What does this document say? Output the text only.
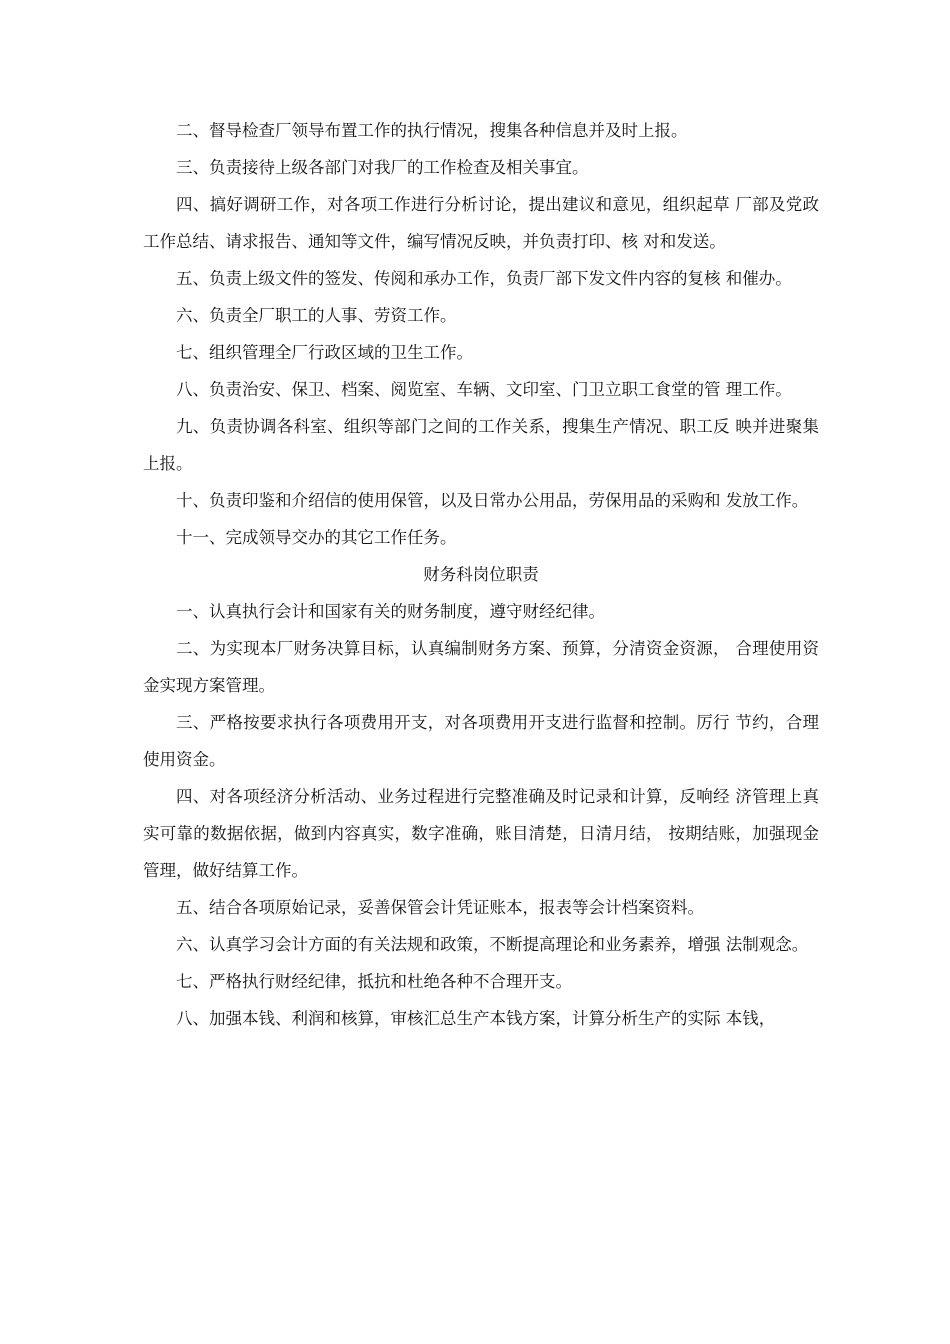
二、督导检查厂领导布置工作的执行情况，搜集各种信息并及时上报。

三、负责接待上级各部门对我厂的工作检查及相关事宜。

四、搞好调研工作，对各项工作进行分析讨论，提出建议和意见，组织起草 厂部及党政工作总结、请求报告、通知等文件，编写情况反映，并负责打印、核 对和发送。

五、负责上级文件的签发、传阅和承办工作，负责厂部下发文件内容的复核 和催办。

六、负责全厂职工的人事、劳资工作。

七、组织管理全厂行政区域的卫生工作。

八、负责治安、保卫、档案、阅览室、车辆、文印室、门卫立职工食堂的管 理工作。

九、负责协调各科室、组织等部门之间的工作关系，搜集生产情况、职工反 映并进聚集上报。

十、负责印鉴和介绍信的使用保管，以及日常办公用品，劳保用品的采购和 发放工作。

十一、完成领导交办的其它工作任务。

财务科岗位职责

一、认真执行会计和国家有关的财务制度，遵守财经纪律。

二、为实现本厂财务决算目标，认真编制财务方案、预算，分清资金资源， 合理使用资金实现方案管理。

三、严格按要求执行各项费用开支，对各项费用开支进行监督和控制。厉行 节约，合理使用资金。

四、对各项经济分析活动、业务过程进行完整准确及时记录和计算，反响经 济管理上真实可靠的数据依据，做到内容真实，数字准确，账目清楚，日清月结， 按期结账，加强现金管理，做好结算工作。

五、结合各项原始记录，妥善保管会计凭证账本，报表等会计档案资料。

六、认真学习会计方面的有关法规和政策，不断提高理论和业务素养，增强 法制观念。

七、严格执行财经纪律，抵抗和杜绝各种不合理开支。

八、加强本钱、利润和核算，审核汇总生产本钱方案，计算分析生产的实际 本钱，
